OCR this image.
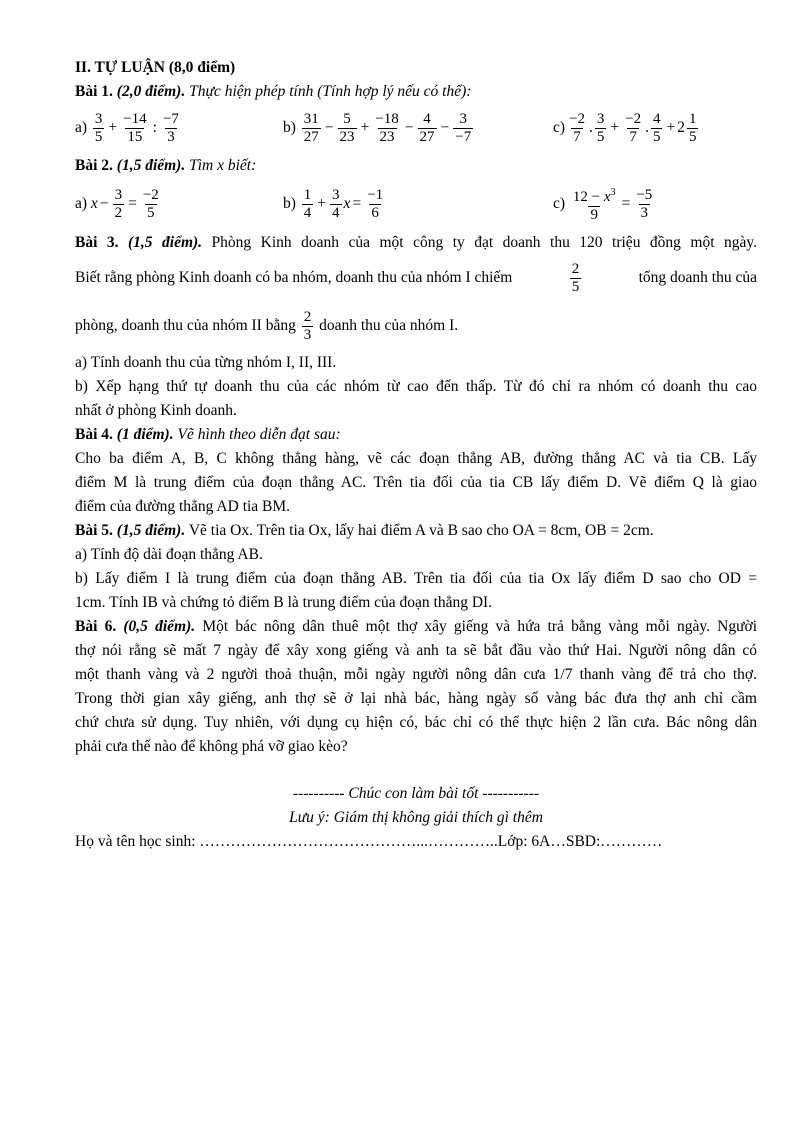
II. TỰ LUẬN (8,0 điểm)
Bài 1. (2,0 điểm). Thực hiện phép tính (Tính hợp lý nếu có thể):
a)
$\frac{3}{5} + \frac{-14}{15}$ : $\frac{-7}{3}$	b)
$\frac{31}{27} - \frac{5}{23} + \frac{-18}{23} - \frac{4}{27} - \frac{3}{-7}$	$c) \frac{-2}{7}$ . $\frac{3}{5} + \frac{-2}{7}$ . $\frac{4}{5} + 2 \frac{1}{5}$
Bài 2. (1,5 điểm). Tìm x biết:
a)
$x - \frac{3}{2} = \frac{-2}{5}$	b)
$\frac{1}{4} + \frac{3}{4}$ $x = \frac{-1}{6}$	c)
$\frac{12 - x^3}{9} = \frac{-5}{3}$
Bài 3. (1,5 điểm). Phòng Kinh doanh của một công ty đạt doanh thu 120 triệu đồng một ngày.
Biết rằng phòng Kinh doanh có ba nhóm, doanh thu của nhóm I chiếm	$\frac{2}{5}$	tổng doanh thu của
phòng, doanh thu của nhóm II bằng
$\frac{2}{3}$
doanh thu của nhóm I.
a) Tính doanh thu của từng nhóm I, II, III.
b) Xếp hạng thứ tự doanh thu của các nhóm từ cao đến thấp. Từ đó chỉ ra nhóm có doanh thu cao
nhất ở phòng Kinh doanh.
Bài 4. (1 điểm). Vẽ hình theo diễn đạt sau:
Cho ba điểm A, B, C không thẳng hàng, vẽ các đoạn thẳng AB, đường thẳng AC và tia CB. Lấy
điểm M là trung điểm của đoạn thẳng AC. Trên tia đối của tia CB lấy điểm D. Vẽ điểm Q là giao
điểm của đường thẳng AD tia BM.
Bài 5. (1,5 điểm). Vẽ tia Ox. Trên tia Ox, lấy hai điểm A và B sao cho OA = 8cm, OB = 2cm.
a) Tính độ dài đoạn thẳng AB.
b) Lấy điểm I là trung điểm của đoạn thẳng AB. Trên tia đối của tia Ox lấy điểm D sao cho OD =
1cm. Tính IB và chứng tỏ điểm B là trung điểm của đoạn thẳng DI.
Bài 6. (0,5 điểm). Một bác nông dân thuê một thợ xây giếng và hứa trả bằng vàng mỗi ngày. Người
thợ nói rằng sẽ mất 7 ngày để xây xong giếng và anh ta sẽ bắt đầu vào thứ Hai. Người nông dân có
một thanh vàng và 2 người thoả thuận, mỗi ngày người nông dân cưa 1/7 thanh vàng để trả cho thợ.
Trong thời gian xây giếng, anh thợ sẽ ở lại nhà bác, hàng ngày số vàng bác đưa thợ anh chỉ cầm
chứ chưa sử dụng. Tuy nhiên, với dụng cụ hiện có, bác chỉ có thể thực hiện 2 lần cưa. Bác nông dân
phải cưa thế nào để không phá vỡ giao kèo?
---------- Chúc con làm bài tốt -----------
Lưu ý: Giám thị không giải thích gì thêm
Họ và tên học sinh: ……………………………………...…………..Lớp: 6A…SBD:…………
